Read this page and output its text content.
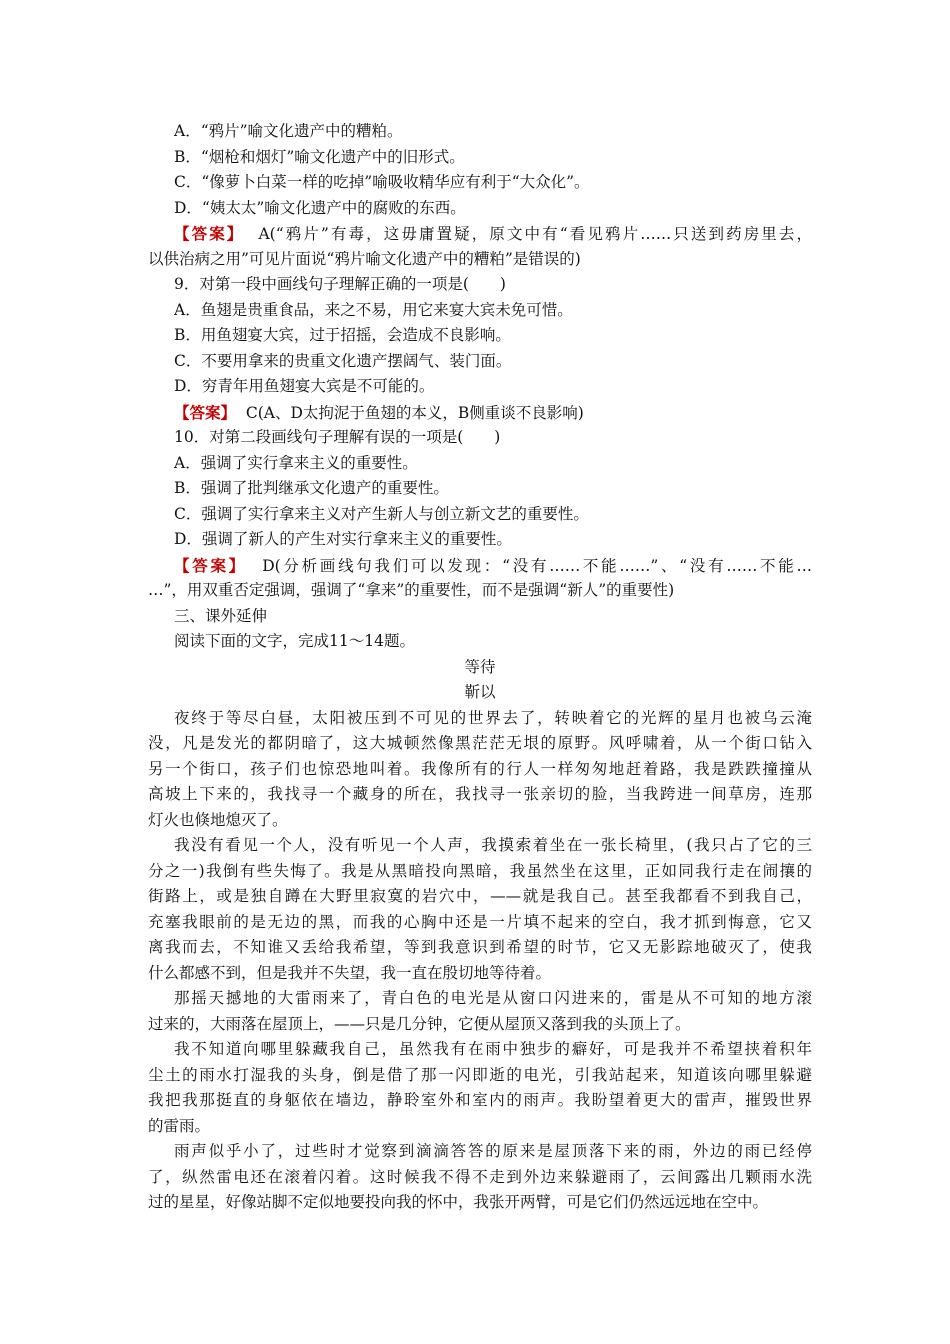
A．“鸦片”喻文化遗产中的糟粕。
B．“烟枪和烟灯”喻文化遗产中的旧形式。
C．“像萝卜白菜一样的吃掉”喻吸收精华应有利于“大众化”。
D．“姨太太”喻文化遗产中的腐败的东西。
【答案】 A(“鸦片”有毒，这毋庸置疑，原文中有“看见鸦片……只送到药房里去，
以供治病之用”可见片面说“鸦片喻文化遗产中的糟粕”是错误的)
9．对第一段中画线句子理解正确的一项是(　　)
A．鱼翅是贵重食品，来之不易，用它来宴大宾未免可惜。
B．用鱼翅宴大宾，过于招摇，会造成不良影响。
C．不要用拿来的贵重文化遗产摆阔气、装门面。
D．穷青年用鱼翅宴大宾是不可能的。
【答案】 C(A、D太拘泥于鱼翅的本义，B侧重谈不良影响)
10．对第二段画线句子理解有误的一项是(　　)
A．强调了实行拿来主义的重要性。
B．强调了批判继承文化遗产的重要性。
C．强调了实行拿来主义对产生新人与创立新文艺的重要性。
D．强调了新人的产生对实行拿来主义的重要性。
【答案】 D(分析画线句我们可以发现：“没有……不能……”、“没有……不能…
…”，用双重否定强调，强调了“拿来”的重要性，而不是强调“新人”的重要性)
三、课外延伸
阅读下面的文字，完成11～14题。
等待
靳以
夜终于等尽白昼，太阳被压到不可见的世界去了，转映着它的光辉的星月也被乌云淹
没，凡是发光的都阴暗了，这大城顿然像黑茫茫无垠的原野。风呼啸着，从一个街口钻入
另一个街口，孩子们也惊恐地叫着。我像所有的行人一样匆匆地赶着路，我是跌跌撞撞从
高坡上下来的，我找寻一个藏身的所在，我找寻一张亲切的脸，当我跨进一间草房，连那
灯火也倏地熄灭了。
我没有看见一个人，没有听见一个人声，我摸索着坐在一张长椅里，(我只占了它的三
分之一)我倒有些失悔了。我是从黑暗投向黑暗，我虽然坐在这里，正如同我行走在闹攘的
街路上，或是独自蹲在大野里寂寞的岩穴中，——就是我自己。甚至我都看不到我自己，
充塞我眼前的是无边的黑，而我的心胸中还是一片填不起来的空白，我才抓到悔意，它又
离我而去，不知谁又丢给我希望，等到我意识到希望的时节，它又无影踪地破灭了，使我
什么都感不到，但是我并不失望，我一直在殷切地等待着。
那摇天撼地的大雷雨来了，青白色的电光是从窗口闪进来的，雷是从不可知的地方滚
过来的，大雨落在屋顶上，——只是几分钟，它便从屋顶又落到我的头顶上了。
我不知道向哪里躲藏我自己，虽然我有在雨中独步的癖好，可是我并不希望挟着积年
尘土的雨水打湿我的头身，倒是借了那一闪即逝的电光，引我站起来，知道该向哪里躲避
我把我那挺直的身躯依在墙边，静聆室外和室内的雨声。我盼望着更大的雷声，摧毁世界
的雷雨。
雨声似乎小了，过些时才觉察到滴滴答答的原来是屋顶落下来的雨，外边的雨已经停
了，纵然雷电还在滚着闪着。这时候我不得不走到外边来躲避雨了，云间露出几颗雨水洗
过的星星，好像站脚不定似地要投向我的怀中，我张开两臂，可是它们仍然远远地在空中。
